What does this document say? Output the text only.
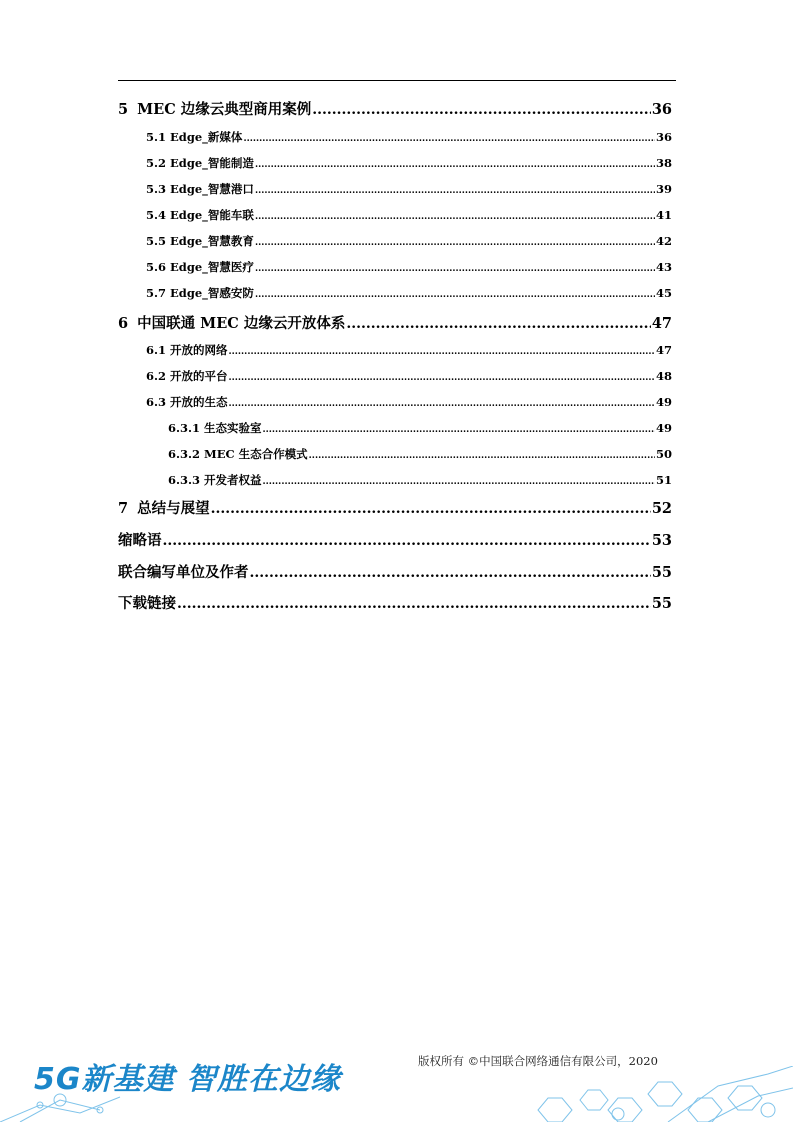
5 MEC 边缘云典型商用案例 .....	36
5.1 Edge_新媒体 .....	36
5.2 Edge_智能制造 .....	38
5.3 Edge_智慧港口 .....	39
5.4 Edge_智能车联 .....	41
5.5 Edge_智慧教育 .....	42
5.6 Edge_智慧医疗 .....	43
5.7 Edge_智感安防 .....	45
6 中国联通 MEC 边缘云开放体系 .....	47
6.1 开放的网络 .....	47
6.2 开放的平台 .....	48
6.3 开放的生态 .....	49
6.3.1 生态实验室 .....	49
6.3.2 MEC 生态合作模式 .....	50
6.3.3 开发者权益 .....	51
7 总结与展望 .....	52
缩略语 .....	53
联合编写单位及作者 .....	55
下载链接 .....	55
版权所有 ©中国联合网络通信有限公司，2020
5G新基建 智胜在边缘
